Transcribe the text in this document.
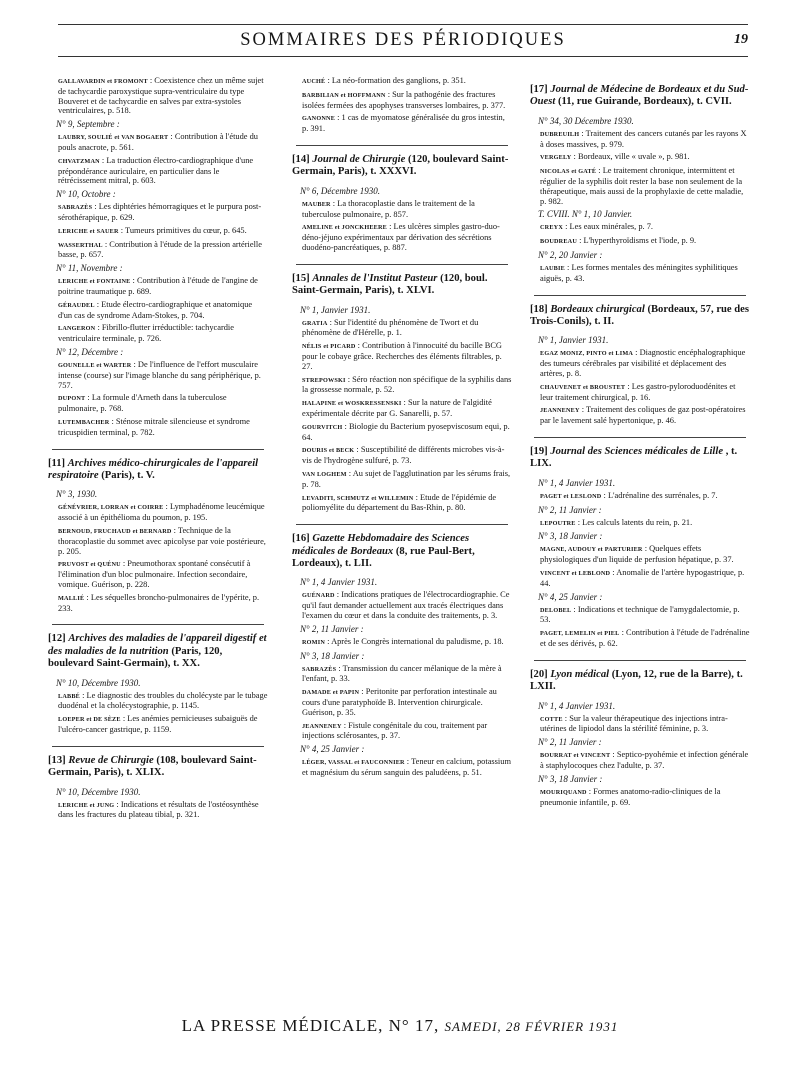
SOMMAIRES DES PÉRIODIQUES	19
GALLAVARDIN et FROMONT : Coexistence chez un même sujet de tachycardie paroxystique supra-ventriculaire du type Bouveret et de tachycardie en salves par extra-systoles ventriculaires, p. 518.
N° 9, Septembre :
LAUBRY, SOULIÉ et VAN BOGAERT : Contribution à l'étude du pouls anacrote, p. 561.
CHVATZMAN : La traduction électro-cardiographique d'une prépondérance auriculaire, en particulier dans le rétrécissement mitral, p. 603.
N° 10, Octobre :
SABRAZÈS : Les diphtéries hémorragiques et le purpura post-sérothérapique, p. 629.
LERICHE et SAUER : Tumeurs primitives du cœur, p. 645.
WASSERTHAL : Contribution à l'étude de la pression artérielle basse, p. 657.
N° 11, Novembre :
LERICHE et FONTAINE : Contribution à l'étude de l'angine de poitrine traumatique p. 689.
GÉRAUDEL : Etude électro-cardiographique et anatomique d'un cas de syndrome Adam-Stokes, p. 704.
LANGERON : Fibrillo-flutter irréductible: tachycardie ventriculaire terminale, p. 726.
N° 12, Décembre :
GOUNELLE et WARTER : De l'influence de l'effort musculaire intense (course) sur l'image blanche du sang périphérique, p. 757.
DUPONT : La formule d'Arneth dans la tuberculose pulmonaire, p. 768.
LUTEMBACHER : Sténose mitrale silencieuse et syndrome tricuspidien terminal, p. 782.
[11] Archives médico-chirurgicales de l'appareil respiratoire (Paris), t. V.
N° 3, 1930.
GÉNÉVRIER, LORRAN et COIRRE : Lymphadénome leucémique associé à un épithélioma du poumon, p. 195.
BERNOUD, FRUCHAUD et BERNARD : Technique de la thoracoplastie du sommet avec apicolyse par voie postérieure, p. 205.
PRUVOST et QUÉNU : Pneumothorax spontané consécutif à l'élimination d'un bloc pulmonaire. Infection secondaire, vomique. Guérison, p. 228.
MALLIÉ : Les séquelles broncho-pulmonaires de l'ypérite, p. 233.
[12] Archives des maladies de l'appareil digestif et des maladies de la nutrition (Paris, 120, boulevard Saint-Germain), t. XX.
N° 10, Décembre 1930.
LABBÉ : Le diagnostic des troubles du cholécyste par le tubage duodénal et la cholécystographie, p. 1145.
LOEPER et DE SÈZE : Les anémies pernicieuses subaiguës de l'ulcéro-cancer gastrique, p. 1159.
[13] Revue de Chirurgie (108, boulevard Saint-Germain, Paris), t. XLIX.
N° 10, Décembre 1930.
LERICHE et JUNG : Indications et résultats de l'ostéosynthèse dans les fractures du plateau tibial, p. 321.
AUCHÉ : La néo-formation des ganglions, p. 351.
BARBILIAN et HOFFMANN : Sur la pathogénie des fractures isolées fermées des apophyses transverses lombaires, p. 377.
GANONNE : 1 cas de myomatose généralisée du gros intestin, p. 391.
[14] Journal de Chirurgie (120, boulevard Saint-Germain, Paris), t. XXXVI.
N° 6, Décembre 1930.
MAUBER : La thoracoplastie dans le traitement de la tuberculose pulmonaire, p. 857.
AMELINE et JONCKHEERE : Les ulcères simples gastro-duo-déno-jéjuno expérimentaux par dérivation des sécrétions duodéno-pancréatiques, p. 887.
[15] Annales de l'Institut Pasteur (120, boul. Saint-Germain, Paris), t. XLVI.
N° 1, Janvier 1931.
GRATIA : Sur l'identité du phénomène de Twort et du phénomène de d'Hérelle, p. 1.
NÉLIS et PICARD : Contribution à l'innocuité du bacille BCG pour le cobaye grâce. Recherches des éléments filtrables, p. 27.
STREPOWSKI : Séro réaction non spécifique de la syphilis dans la grossesse normale, p. 52.
HALAPINE et WOSKRESSENSKI : Sur la nature de l'algidité expérimentale décrite par G. Sanarelli, p. 57.
GOURVITCH : Biologie du Bacterium pyosepviscosum equi, p. 64.
DOURIS et BECK : Susceptibilité de différents microbes vis-à-vis de l'hydrogène sulfuré, p. 73.
VAN LOGHEM : Au sujet de l'agglutination par les sérums frais, p. 78.
LEVADITI, SCHMUTZ et WILLEMIN : Etude de l'épidémie de poliomyélite du département du Bas-Rhin, p. 80.
[16] Gazette Hebdomadaire des Sciences médicales de Bordeaux (8, rue Paul-Bert, Lordeaux), t. LII.
N° 1, 4 Janvier 1931.
GUÉNARD : Indications pratiques de l'électrocardiographie. Ce qu'il faut demander actuellement aux tracés électriques dans l'examen du cœur et dans la conduite des traitements, p. 3.
N° 2, 11 Janvier :
ROMIN : Après le Congrès international du paludisme, p. 18.
N° 3, 18 Janvier :
SABRAZÈS : Transmission du cancer mélanique de la mère à l'enfant, p. 33.
DAMADE et PAPIN : Peritonite par perforation intestinale au cours d'une paratyphoïde B. Intervention chirurgicale. Guérison, p. 35.
JEANNENEY : Fistule congénitale du cou, traitement par injections sclérosantes, p. 37.
N° 4, 25 Janvier :
LÉGER, VASSAL et FAUCONNIER : Teneur en calcium, potassium et magnésium du sérum sanguin des paludéens, p. 51.
[17] Journal de Médecine de Bordeaux et du Sud-Ouest (11, rue Guirande, Bordeaux), t. CVII.
N° 34, 30 Décembre 1930.
DUBREUILH : Traitement des cancers cutanés par les rayons X à doses massives, p. 979.
VERGELY : Bordeaux, ville « uvale », p. 981.
NICOLAS et GATÉ : Le traitement chronique, intermittent et régulier de la syphilis doit rester la base non seulement de la thérapeutique, mais aussi de la prophylaxie de cette maladie, p. 982.
T. CVIII. N° 1, 10 Janvier.
CREYX : Les eaux minérales, p. 7.
BOUDREAU : L'hyperthyroïdisms et l'iode, p. 9.
N° 2, 20 Janvier :
LAUBIE : Les formes mentales des méningites syphilitiques aiguës, p. 43.
[18] Bordeaux chirurgical (Bordeaux, 57, rue des Trois-Conils), t. II.
N° 1, Janvier 1931.
EGAZ MONIZ, PINTO et LIMA : Diagnostic encéphalographique des tumeurs cérébrales par visibilité et déplacement des artères, p. 8.
CHAUVENET et BROUSTET : Les gastro-pyloroduodénites et leur traitement chirurgical, p. 16.
JEANNENEY : Traitement des coliques de gaz post-opératoires par le lavement salé hypertonique, p. 46.
[19] Journal des Sciences médicales de Lille , t. LIX.
N° 1, 4 Janvier 1931.
PAGET et LESLOND : L'adrénaline des surrénales, p. 7.
N° 2, 11 Janvier :
LEPOUTRE : Les calculs latents du rein, p. 21.
N° 3, 18 Janvier :
MAGNE, AUDOUY et PARTURIER : Quelques effets physiologiques d'un liquide de perfusion hépatique, p. 37.
VINCENT et LEBLOND : Anomalie de l'artère hypogastrique, p. 44.
N° 4, 25 Janvier :
DELOBEL : Indications et technique de l'amygdalectomie, p. 53.
PAGET, LEMELIN et PIEL : Contribution à l'étude de l'adrénaline et de ses dérivés, p. 62.
[20] Lyon médical (Lyon, 12, rue de la Barre), t. LXII.
N° 1, 4 Janvier 1931.
COTTE : Sur la valeur thérapeutique des injections intra-utérines de lipiodol dans la stérilité féminine, p. 3.
N° 2, 11 Janvier :
BOURRAT et VINCENT : Septico-pyohémie et infection générale à staphylocoques chez l'adulte, p. 37.
N° 3, 18 Janvier :
MOURIQUAND : Formes anatomo-radio-cliniques de la pneumonie infantile, p. 69.
LA PRESSE MÉDICALE, N° 17, SAMEDI, 28 FÉVRIER 1931
